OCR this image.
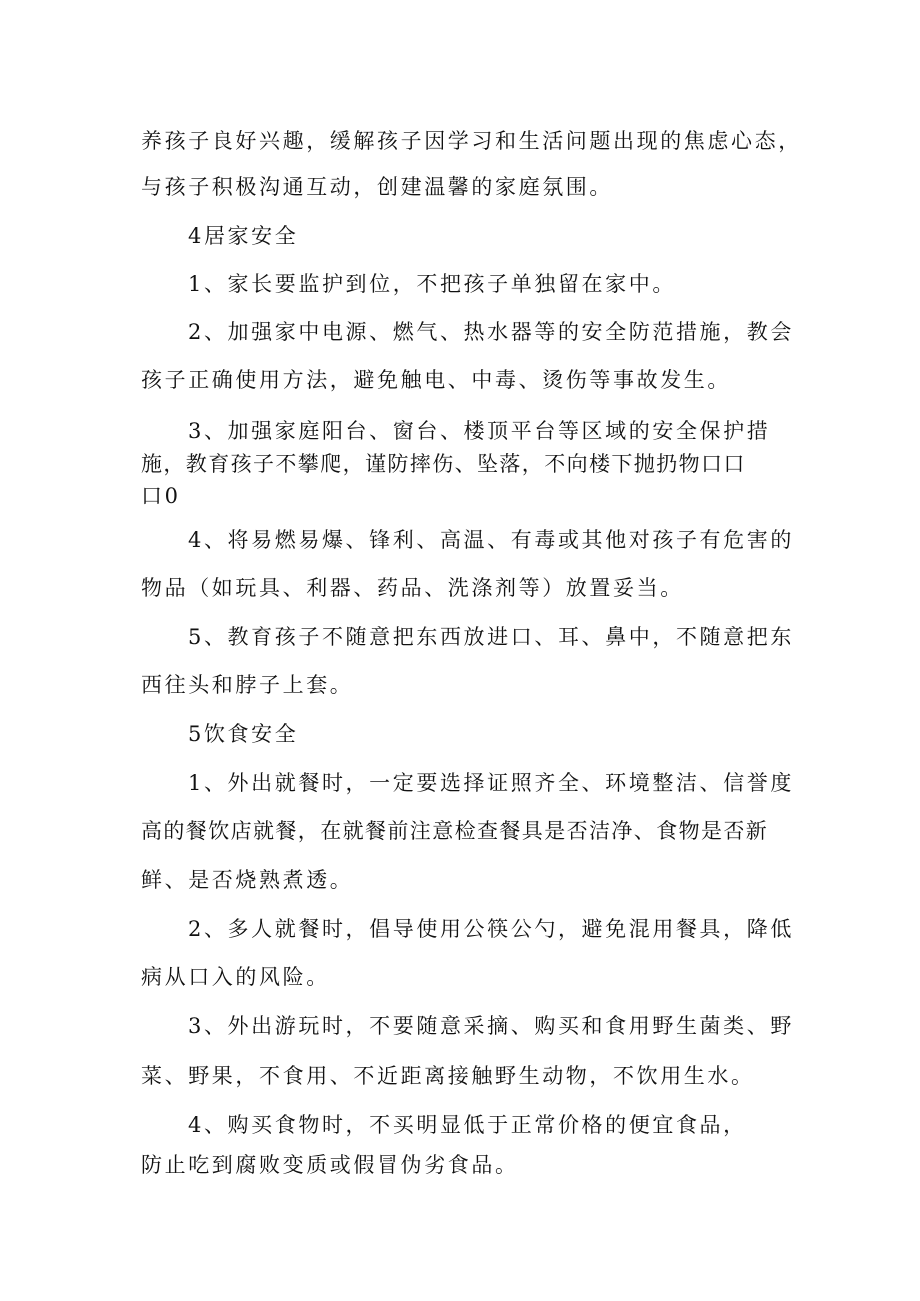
养孩子良好兴趣，缓解孩子因学习和生活问题出现的焦虑心态，
与孩子积极沟通互动，创建温馨的家庭氛围。
4居家安全
1、家长要监护到位，不把孩子单独留在家中。
2、加强家中电源、燃气、热水器等的安全防范措施，教会
孩子正确使用方法，避免触电、中毒、烫伤等事故发生。
3、加强家庭阳台、窗台、楼顶平台等区域的安全保护措
施，教育孩子不攀爬，谨防摔伤、坠落，不向楼下抛扔物口口
口0
4、将易燃易爆、锋利、高温、有毒或其他对孩子有危害的
物品（如玩具、利器、药品、洗涤剂等）放置妥当。
5、教育孩子不随意把东西放进口、耳、鼻中，不随意把东
西往头和脖子上套。
5饮食安全
1、外出就餐时，一定要选择证照齐全、环境整洁、信誉度
高的餐饮店就餐，在就餐前注意检查餐具是否洁净、食物是否新
鲜、是否烧熟煮透。
2、多人就餐时，倡导使用公筷公勺，避免混用餐具，降低
病从口入的风险。
3、外出游玩时，不要随意采摘、购买和食用野生菌类、野
菜、野果，不食用、不近距离接触野生动物，不饮用生水。
4、购买食物时，不买明显低于正常价格的便宜食品，
防止吃到腐败变质或假冒伪劣食品。
